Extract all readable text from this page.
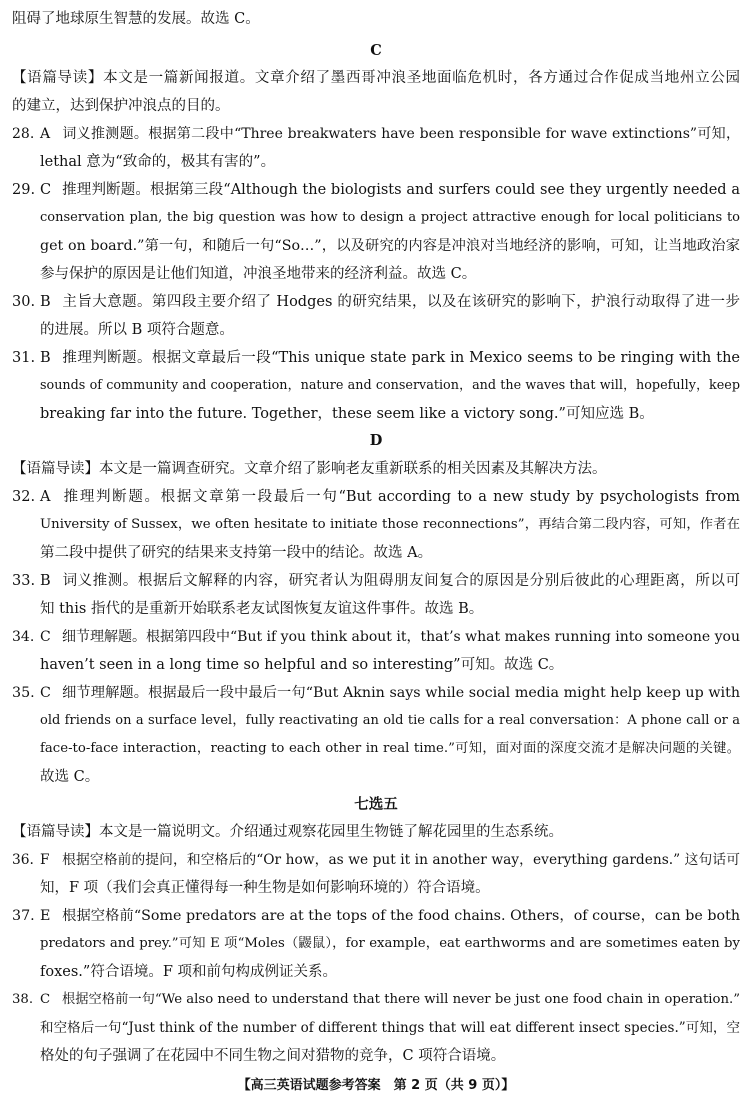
阻碍了地球原生智慧的发展。故选 C。
C
【语篇导读】本文是一篇新闻报道。文章介绍了墨西哥冲浪圣地面临危机时，各方通过合作促成当地州立公园
的建立，达到保护冲浪点的目的。
28. A 词义推测题。根据第二段中“Three breakwaters have been responsible for wave extinctions”可知，
lethal 意为“致命的，极其有害的”。
29. C 推理判断题。根据第三段“Although the biologists and surfers could see they urgently needed a
conservation plan, the big question was how to design a project attractive enough for local politicians to
get on board.”第一句，和随后一句“So…”，以及研究的内容是冲浪对当地经济的影响，可知，让当地政治家
参与保护的原因是让他们知道，冲浪圣地带来的经济利益。故选 C。
30. B 主旨大意题。第四段主要介绍了 Hodges 的研究结果，以及在该研究的影响下，护浪行动取得了进一步
的进展。所以 B 项符合题意。
31. B 推理判断题。根据文章最后一段“This unique state park in Mexico seems to be ringing with the
sounds of community and cooperation，nature and conservation，and the waves that will，hopefully，keep
breaking far into the future. Together，these seem like a victory song.”可知应选 B。
D
【语篇导读】本文是一篇调查研究。文章介绍了影响老友重新联系的相关因素及其解决方法。
32. A 推理判断题。根据文章第一段最后一句“But according to a new study by psychologists from
University of Sussex，we often hesitate to initiate those reconnections”，再结合第二段内容，可知，作者在
第二段中提供了研究的结果来支持第一段中的结论。故选 A。
33. B 词义推测。根据后文解释的内容，研究者认为阻碍朋友间复合的原因是分别后彼此的心理距离，所以可
知 this 指代的是重新开始联系老友试图恢复友谊这件事件。故选 B。
34. C 细节理解题。根据第四段中“But if you think about it，that’s what makes running into someone you
haven’t seen in a long time so helpful and so interesting”可知。故选 C。
35. C 细节理解题。根据最后一段中最后一句“But Aknin says while social media might help keep up with
old friends on a surface level，fully reactivating an old tie calls for a real conversation：A phone call or a
face-to-face interaction，reacting to each other in real time.”可知，面对面的深度交流才是解决问题的关键。
故选 C。
七选五
【语篇导读】本文是一篇说明文。介绍通过观察花园里生物链了解花园里的生态系统。
36. F 根据空格前的提问，和空格后的“Or how，as we put it in another way，everything gardens.” 这句话可
知，F 项（我们会真正懂得每一种生物是如何影响环境的）符合语境。
37. E 根据空格前“Some predators are at the tops of the food chains. Others，of course，can be both
predators and prey.”可知 E 项“Moles（鼹鼠），for example，eat earthworms and are sometimes eaten by
foxes.”符合语境。F 项和前句构成例证关系。
38. C 根据空格前一句“We also need to understand that there will never be just one food chain in operation.”
和空格后一句“Just think of the number of different things that will eat different insect species.”可知，空
格处的句子强调了在花园中不同生物之间对猎物的竞争，C 项符合语境。
【高三英语试题参考答案　第 2 页（共 9 页）】
